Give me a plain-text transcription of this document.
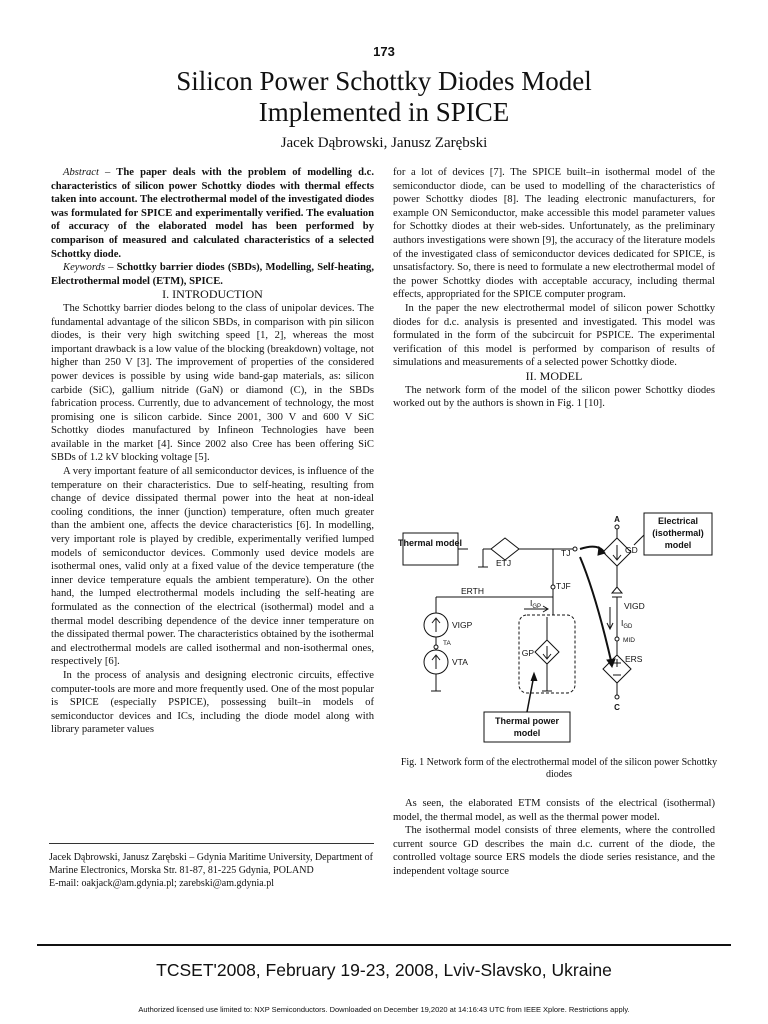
173
Silicon Power Schottky Diodes Model
Implemented in SPICE
Jacek Dąbrowski, Janusz Zarębski

Abstract – The paper deals with the problem of modelling d.c. characteristics of silicon power Schottky diodes with thermal effects taken into account. The electrothermal model of the investigated diodes was formulated for SPICE and experimentally verified. The evaluation of accuracy of the elaborated model has been performed by comparison of measured and calculated characteristics of a selected Schottky diode.

Keywords – Schottky barrier diodes (SBDs), Modelling, Self-heating, Electrothermal model (ETM), SPICE.

I. INTRODUCTION

The Schottky barrier diodes belong to the class of unipolar devices. The fundamental advantage of the silicon SBDs, in comparison with pin silicon diodes, is their very high switching speed [1, 2], whereas the most important drawback is a low value of the blocking (breakdown) voltage, not higher than 250 V [3]. The improvement of properties of the considered power devices is possible by using wide band-gap materials, as: silicon carbide (SiC), gallium nitride (GaN) or diamond (C), in the SBDs fabrication process. Currently, due to advancement of technology, the most promising one is silicon carbide. Since 2001, 300 V and 600 V SiC Schottky diodes manufactured by Infineon Technologies have been available in the market [4]. Since 2002 also Cree has been offering SiC SBDs of 1.2 kV blocking voltage [5].

A very important feature of all semiconductor devices, is influence of the temperature on their characteristics. Due to self-heating, resulting from change of device dissipated thermal power into the heat at non-ideal cooling conditions, the inner (junction) temperature, often much greater than the ambient one, affects the device characteristics [6]. In modelling, very important role is played by credible, experimentally verified lumped models of semiconductor devices. Commonly used device models are isothermal ones, valid only at a fixed value of the device temperature (the inner device temperature equals the ambient temperature). On the other hand, the lumped electrothermal models including the self-heating are formulated as the connection of the electrical (isothermal) model and a thermal model describing dependence of the device inner temperature on the dissipated thermal power. The characteristics obtained by the isothermal and electrothermal models are called isothermal and non-isothermal ones, respectively [6].

In the process of analysis and designing electronic circuits, effective computer-tools are more and more frequently used. One of the most popular is SPICE (especially PSPICE), possessing built–in models of semiconductor devices and ICs, including the diode model along with library parameter values

Jacek Dąbrowski, Janusz Zarębski – Gdynia Maritime University, Department of Marine Electronics, Morska Str. 81-87, 81-225 Gdynia, POLAND
E-mail: oakjack@am.gdynia.pl; zarebski@am.gdynia.pl

for a lot of devices [7]. The SPICE built–in isothermal model of the semiconductor diode, can be used to modelling of the characteristics of power Schottky diodes [8]. The leading electronic manufacturers, for example ON Semiconductor, make accessible this model parameter values for Schottky diodes at their web-sides. Unfortunately, as the preliminary authors investigations were shown [9], the accuracy of the literature models of the investigated class of semiconductor devices dedicated for SPICE, is unsatisfactory. So, there is need to formulate a new electrothermal model of the power Schottky diodes with acceptable accuracy, including thermal effects, appropriated for the SPICE computer program.

In the paper the new electrothermal model of silicon power Schottky diodes for d.c. analysis is presented and investigated. This model was formulated in the form of the subcircuit for PSPICE. The experimental verification of this model is performed by comparison of results of simulations and measurements of a selected power Schottky diode.

II. MODEL

The network form of the model of the silicon power Schottky diodes worked out by the authors is shown in Fig. 1 [10].

Thermal model
Electrical
(isothermal)
model
Thermal power
model
A
C
GD
TJ
ETJ
TJF
ERTH
$I_{GP}$	VIGD
$I_{GD}$
MID
ERS
VIGP
TA
VTA
GP
Fig. 1 Network form of the electrothermal model of the silicon power Schottky diodes

As seen, the elaborated ETM consists of the electrical (isothermal) model, the thermal model, as well as the thermal power model.

The isothermal model consists of three elements, where the controlled current source GD describes the main d.c. current of the diode, the controlled voltage source ERS models the diode series resistance, and the independent voltage source

TCSET'2008, February 19-23, 2008, Lviv-Slavsko, Ukraine
Authorized licensed use limited to: NXP Semiconductors. Downloaded on December 19,2020 at 14:16:43 UTC from IEEE Xplore. Restrictions apply.
